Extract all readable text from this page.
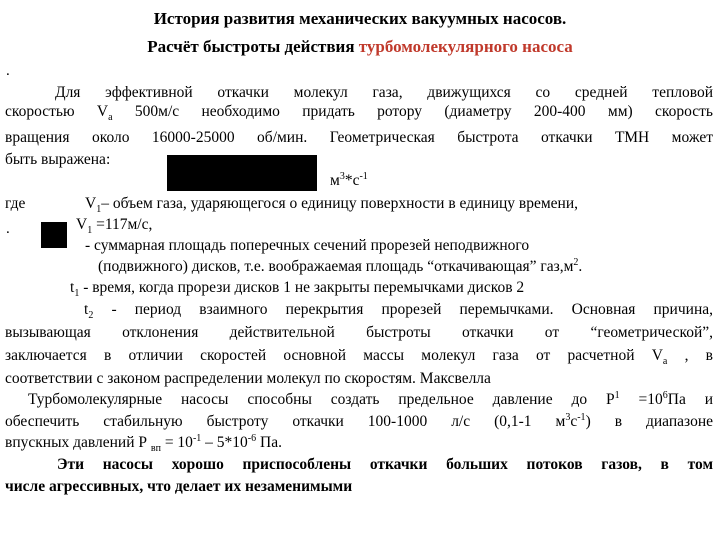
История развития механических вакуумных насосов.
Расчёт быстроты действия турбомолекулярного насоса
.
Для эффективной откачки молекул газа, движущихся со средней тепловой
скоростью $V_a$ 500м/с необходимо придать ротору (диаметру 200-400 мм) скорость
вращения около 16000-25000 об/мин. Геометрическая быстрота откачки ТМН может
быть выражена:
$м^3*с^{-1}$
где	$V_1-$ объем газа, ударяющегося о единицу поверхности в единицу времени,
.	$V_1 =117м/с$,
- суммарная площадь поперечных сечений прорезей неподвижного
(подвижного) дисков, т.е. воображаемая площадь “откачивающая” $газ,м^2$.
$t_1$ - время, когда прорези дисков 1 не закрыты перемычками дисков 2
$t_2$ - период взаимного перекрытия прорезей перемычками. Основная причина,
вызывающая отклонения действительной быстроты откачки от “геометрической”,
заключается в отличии скоростей основной массы молекул газа от расчетной $V_a$ , в
соответствии с законом распределении молекул по скоростям. Максвелла
Турбомолекулярные насосы способны создать предельное давление до $Р^1 =10^6Па$ и
обеспечить стабильную быстроту откачки 100-1000 л/с (0,1-1 $м^3с^{-1}$) в диапазоне
впускных давлений Р $_{вп} = 10^{-1} - 5*10^{-6}$ Па.
Эти насосы хорошо приспособлены откачки больших потоков газов, в том
числе агрессивных, что делает их незаменимыми
